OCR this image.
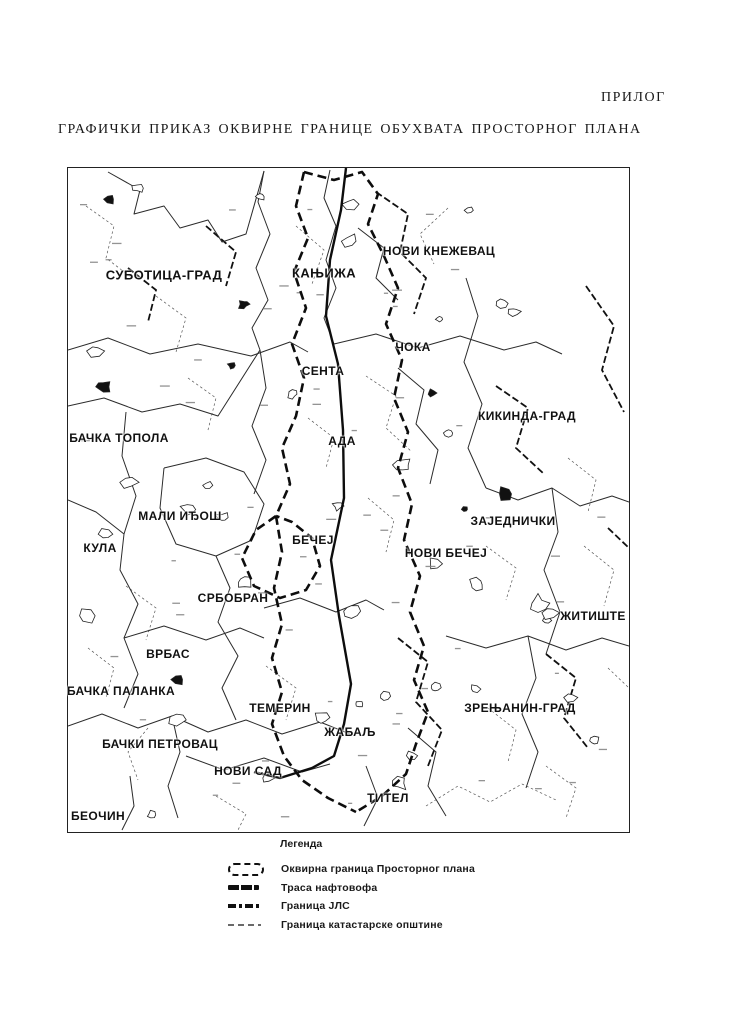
ПРИЛОГ
ГРАФИЧКИ ПРИКАЗ ОКВИРНЕ ГРАНИЦЕ ОБУХВАТА ПРОСТОРНОГ ПЛАНА
СУБОТИЦА-ГРАД	КАЊИЖА
НОВИ КНЕЖЕВАЦ
ЧОКА
СЕНТА
КИКИНДА-ГРАД
БАЧКА ТОПОЛА	АДА
МАЛИ ИЂОШ
БЕЧЕЈ
ЗАЈЕДНИЧКИ
КУЛА	НОВИ БЕЧЕЈ
СРБОБРАН
ЖИТИШТЕ
ВРБАС
БАЧКА ПАЛАНКА
ТЕМЕРИН	ЗРЕЊАНИН-ГРАД
БАЧКИ ПЕТРОВАЦ
ЖАБАЉ
НОВИ САД
ТИТЕЛ
БЕОЧИН
Легенда
Оквирна граница Просторног плана
Траса нафтовофа
Граница ЈЛС
Граница катастарске општине
